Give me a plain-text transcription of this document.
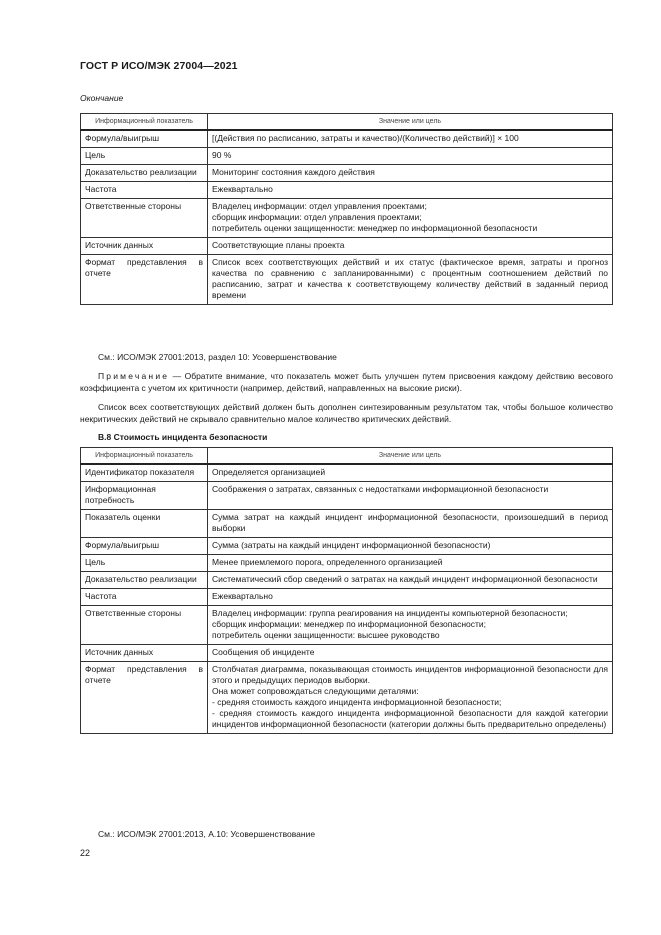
ГОСТ Р ИСО/МЭК 27004—2021
Окончание
Информационный показатель	Значение или цель
Формула/выигрыш	[(Действия по расписанию, затраты и качество)/(Количество действий)] × 100

Цель	90 %

Доказательство реализации	Мониторинг состояния каждого действия

Частота	Ежеквартально

Ответственные стороны	Владелец информации: отдел управления проектами;
сборщик информации: отдел управления проектами;
потребитель оценки защищенности: менеджер по информационной безопасности

Источник данных	Соответствующие планы проекта

Формат представления в отчете	Список всех соответствующих действий и их статус (фактическое время, затраты и прогноз качества по сравнению с запланированными) с процентным соотношением действий по расписанию, затрат и качества к соответствующему количеству действий в заданный период времени
См.: ИСО/МЭК 27001:2013, раздел 10: Усовершенствование
Примечание — Обратите внимание, что показатель может быть улучшен путем присвоения каждому действию весового коэффициента с учетом их критичности (например, действий, направленных на высокие риски).
Список всех соответствующих действий должен быть дополнен синтезированным результатом так, чтобы большое количество некритических действий не скрывало сравнительно малое количество критических действий.
B.8 Стоимость инцидента безопасности
Информационный показатель	Значение или цель
Идентификатор показателя	Определяется организацией

Информационная потребность	Соображения о затратах, связанных с недостатками информационной безопасности

Показатель оценки	Сумма затрат на каждый инцидент информационной безопасности, произошедший в период выборки

Формула/выигрыш	Сумма (затраты на каждый инцидент информационной безопасности)

Цель	Менее приемлемого порога, определенного организацией

Доказательство реализации	Систематический сбор сведений о затратах на каждый инцидент информационной безопасности

Частота	Ежеквартально

Ответственные стороны	Владелец информации: группа реагирования на инциденты компьютерной безопасности;
сборщик информации: менеджер по информационной безопасности;
потребитель оценки защищенности: высшее руководство

Источник данных	Сообщения об инциденте

Формат представления в отчете	Столбчатая диаграмма, показывающая стоимость инцидентов информационной безопасности для этого и предыдущих периодов выборки.
Она может сопровождаться следующими деталями:
- средняя стоимость каждого инцидента информационной безопасности;
- средняя стоимость каждого инцидента информационной безопасности для каждой категории инцидентов информационной безопасности (категории должны быть предварительно определены)
См.: ИСО/МЭК 27001:2013, A.10: Усовершенствование
22
